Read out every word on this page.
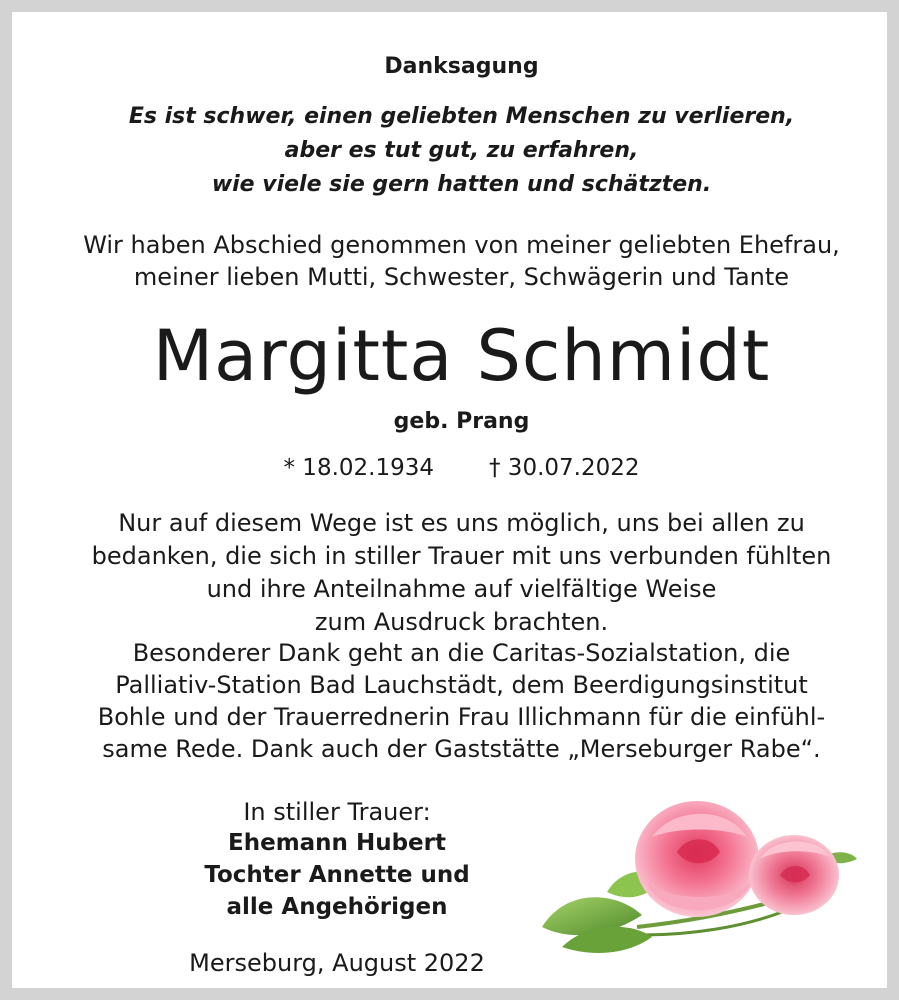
Danksagung
Es ist schwer, einen geliebten Menschen zu verlieren,
aber es tut gut, zu erfahren,
wie viele sie gern hatten und schätzten.
Wir haben Abschied genommen von meiner geliebten Ehefrau,
meiner lieben Mutti, Schwester, Schwägerin und Tante
Margitta Schmidt
geb. Prang
* 18.02.1934 † 30.07.2022
Nur auf diesem Wege ist es uns möglich, uns bei allen zu
bedanken, die sich in stiller Trauer mit uns verbunden fühlten
und ihre Anteilnahme auf vielfältige Weise
zum Ausdruck brachten.
Besonderer Dank geht an die Caritas-Sozialstation, die
Palliativ-Station Bad Lauchstädt, dem Beerdigungsinstitut
Bohle und der Trauerrednerin Frau Illichmann für die einfühl-
same Rede. Dank auch der Gaststätte „Merseburger Rabe“.
In stiller Trauer:
Ehemann Hubert
Tochter Annette und
alle Angehörigen
Merseburg, August 2022
